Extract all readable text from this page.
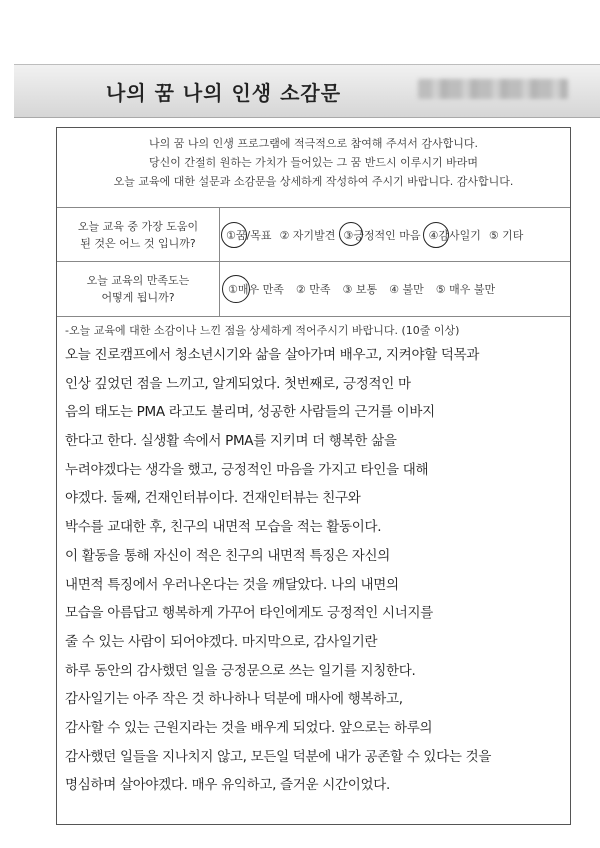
나의 꿈 나의 인생 소감문
나의 꿈 나의 인생 프로그램에 적극적으로 참여해 주셔서 감사합니다.
당신이 간절히 원하는 가치가 들어있는 그 꿈 반드시 이루시기 바라며
오늘 교육에 대한 설문과 소감문을 상세하게 작성하여 주시기 바랍니다. 감사합니다.
오늘 교육 중 가장 도움이
된 것은 어느 것 입니까?
①꿈/목표 ② 자기발견 ③긍정적인 마음 ④감사일기 ⑤ 기타
오늘 교육의 만족도는
어떻게 됩니까?
①매우 만족 ② 만족 ③ 보통 ④ 불만 ⑤ 매우 불만
-오늘 교육에 대한 소감이나 느낀 점을 상세하게 적어주시기 바랍니다. (10줄 이상)
오늘 진로캠프에서 청소년시기와 삶을 살아가며 배우고, 지켜야할 덕목과
인상 깊었던 점을 느끼고, 알게되었다. 첫번째로, 긍정적인 마
음의 태도는 PMA 라고도 불리며, 성공한 사람들의 근거를 이바지
한다고 한다. 실생활 속에서 PMA를 지키며 더 행복한 삶을
누려야겠다는 생각을 했고, 긍정적인 마음을 가지고 타인을 대해
야겠다. 둘째, 건재인터뷰이다. 건재인터뷰는 친구와
박수를 교대한 후, 친구의 내면적 모습을 적는 활동이다.
이 활동을 통해 자신이 적은 친구의 내면적 특징은 자신의
내면적 특징에서 우러나온다는 것을 깨달았다. 나의 내면의
모습을 아름답고 행복하게 가꾸어 타인에게도 긍정적인 시너지를
줄 수 있는 사람이 되어야겠다. 마지막으로, 감사일기란
하루 동안의 감사했던 일을 긍정문으로 쓰는 일기를 지칭한다.
감사일기는 아주 작은 것 하나하나 덕분에 매사에 행복하고,
감사할 수 있는 근원지라는 것을 배우게 되었다. 앞으로는 하루의
감사했던 일들을 지나치지 않고, 모든일 덕분에 내가 공존할 수 있다는 것을
명심하며 살아야겠다. 매우 유익하고, 즐거운 시간이었다.
